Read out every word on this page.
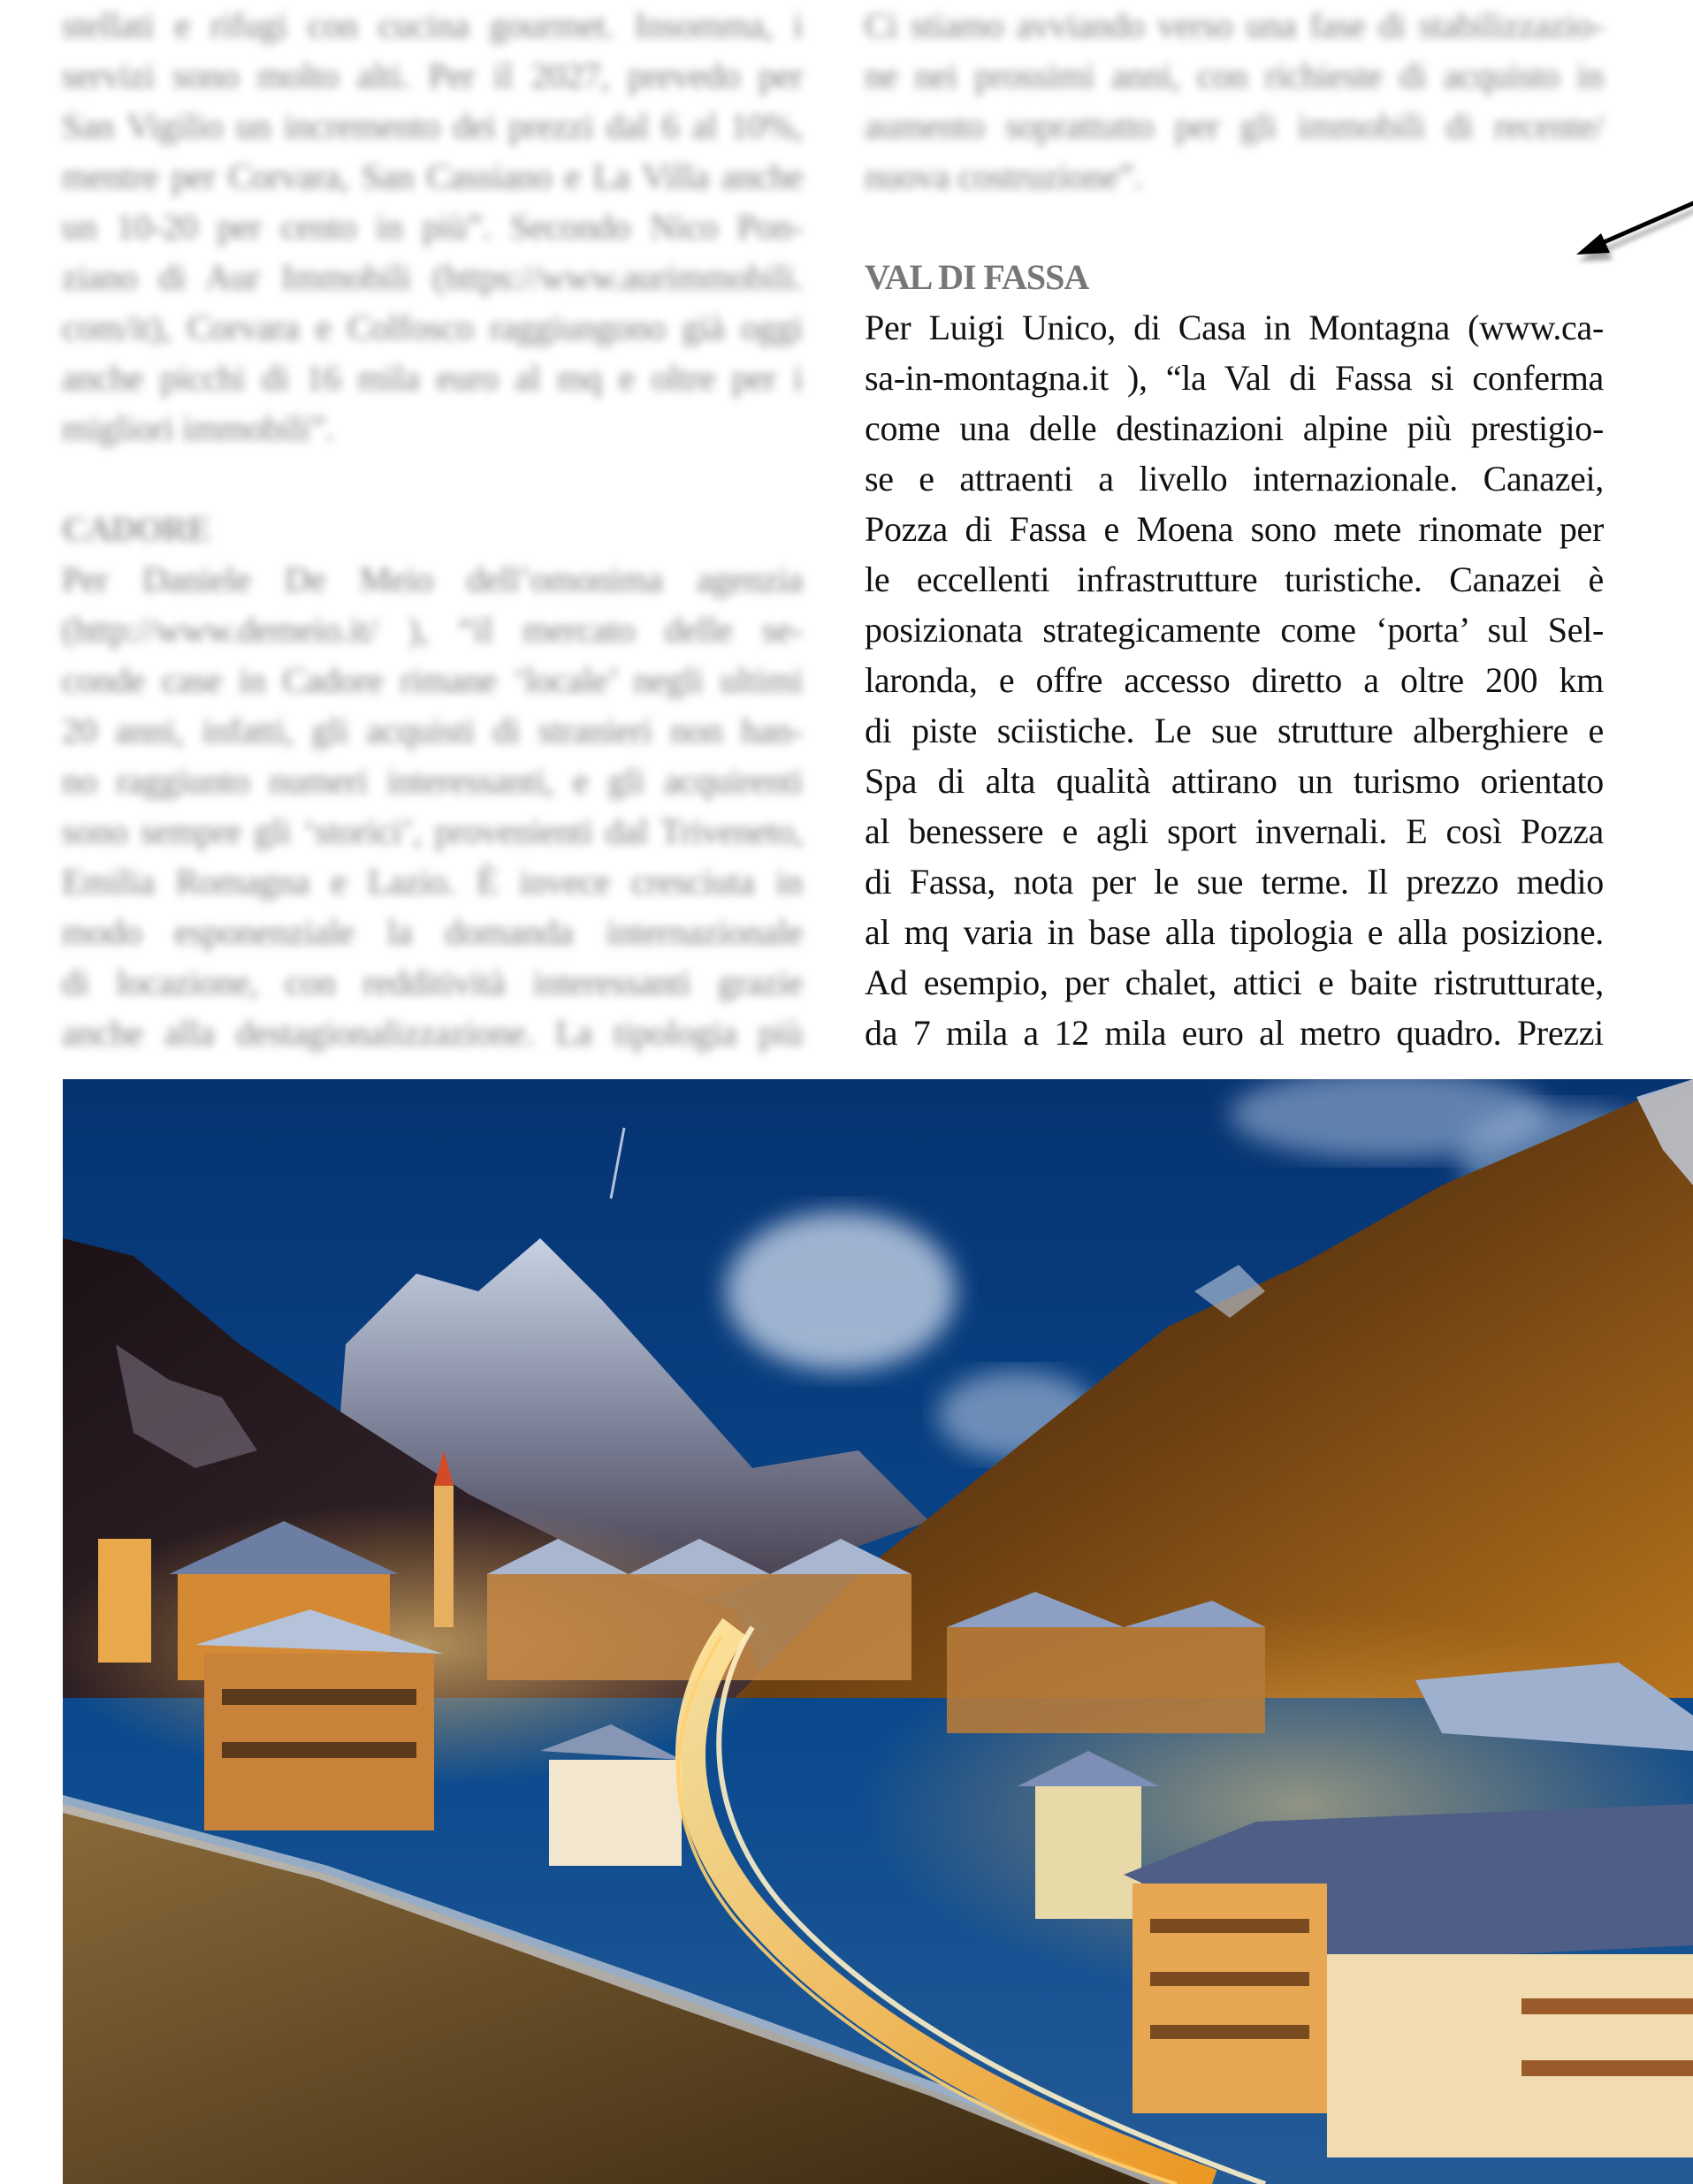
stellati e rifugi con cucina gourmet. Insomma, i
servizi sono molto alti. Per il 2027, prevedo per
San Vigilio un incremento dei prezzi dal 6 al 10%,
mentre per Corvara, San Cassiano e La Villa anche
un 10-20 per cento in più”. Secondo Nico Pon-
ziano di Aur Immobili (https://www.aurimmobili.
com/it), Corvara e Colfosco raggiungono già oggi
anche picchi di 16 mila euro al mq e oltre per i
migliori immobili”.
CADORE
Per Daniele De Meio dell’omonima agenzia
(http://www.demeio.it/ ), “il mercato delle se-
conde case in Cadore rimane ‘locale’ negli ultimi
20 anni, infatti, gli acquisti di stranieri non han-
no raggiunto numeri interessanti, e gli acquirenti
sono sempre gli ‘storici’, provenienti dal Triveneto,
Emilia Romagna e Lazio. È invece cresciuta in
modo esponenziale la domanda internazionale
di locazione, con redditività interessanti grazie
anche alla destagionalizzazione. La tipologia più
Ci stiamo avviando verso una fase di stabilizzazio-
ne nei prossimi anni, con richieste di acquisto in
aumento soprattutto per gli immobili di recente/
nuova costruzione”.
VAL DI FASSA
Per Luigi Unico, di Casa in Montagna (www.ca-
sa-in-montagna.it ), “la Val di Fassa si conferma
come una delle destinazioni alpine più prestigio-
se e attraenti a livello internazionale. Canazei,
Pozza di Fassa e Moena sono mete rinomate per
le eccellenti infrastrutture turistiche. Canazei è
posizionata strategicamente come ‘porta’ sul Sel-
laronda, e offre accesso diretto a oltre 200 km
di piste sciistiche. Le sue strutture alberghiere e
Spa di alta qualità attirano un turismo orientato
al benessere e agli sport invernali. E così Pozza
di Fassa, nota per le sue terme. Il prezzo medio
al mq varia in base alla tipologia e alla posizione.
Ad esempio, per chalet, attici e baite ristrutturate,
da 7 mila a 12 mila euro al metro quadro. Prezzi
